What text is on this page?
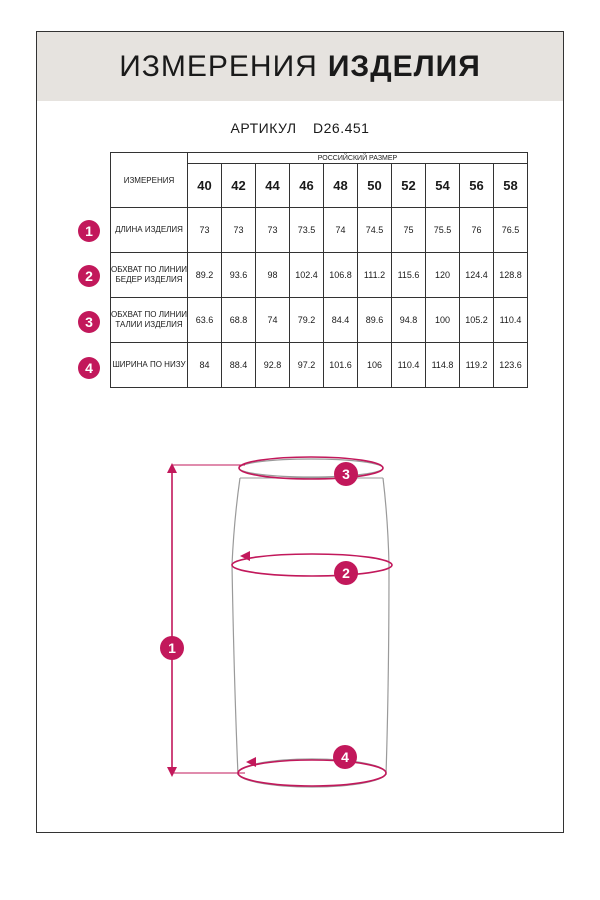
ИЗМЕРЕНИЯ ИЗДЕЛИЯ
АРТИКУЛ D26.451
ИЗМЕРЕНИЯ	РОССИЙСКИЙ РАЗМЕР									
	40	42	44	46	48	50	52	54	56	58
ДЛИНА ИЗДЕЛИЯ	73	73	73	73.5	74	74.5	75	75.5	76	76.5
ОБХВАТ ПО ЛИНИИ БЕДЕР ИЗДЕЛИЯ	89.2	93.6	98	102.4	106.8	111.2	115.6	120	124.4	128.8
ОБХВАТ ПО ЛИНИИ ТАЛИИ ИЗДЕЛИЯ	63.6	68.8	74	79.2	84.4	89.6	94.8	100	105.2	110.4
ШИРИНА ПО НИЗУ	84	88.4	92.8	97.2	101.6	106	110.4	114.8	119.2	123.6
1
2
3
4
1
2
3
4
